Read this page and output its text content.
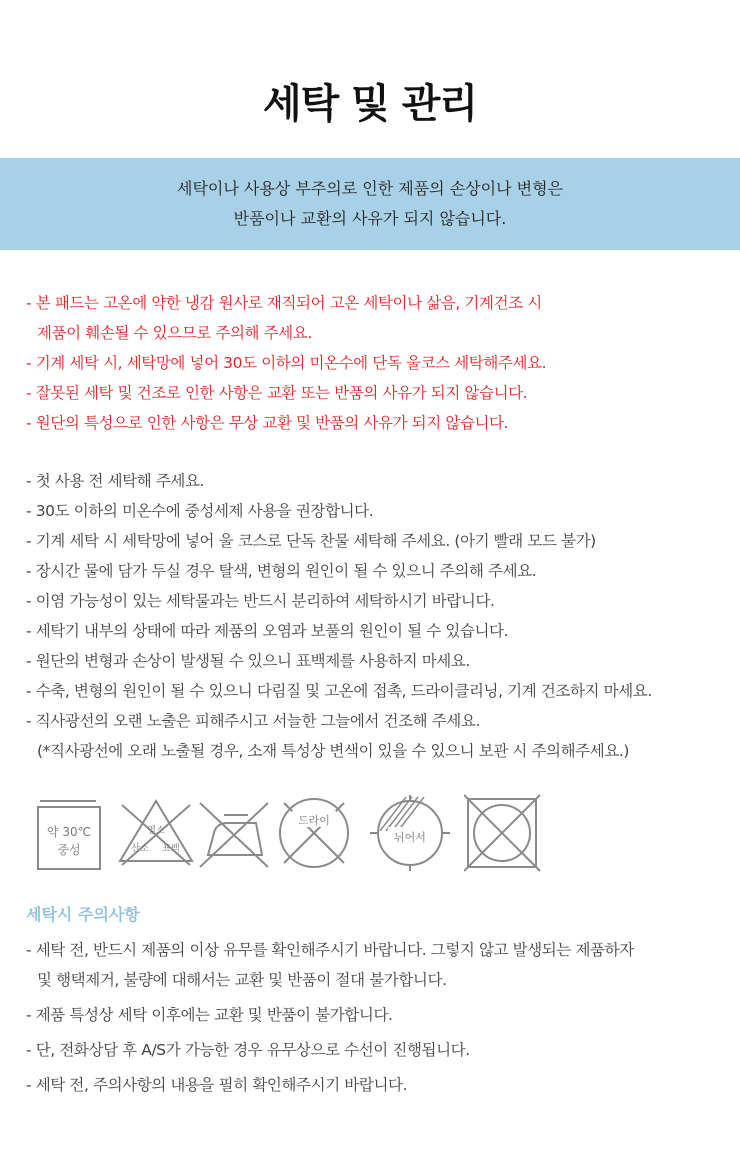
세탁 및 관리
세탁이나 사용상 부주의로 인한 제품의 손상이나 변형은
반품이나 교환의 사유가 되지 않습니다.
- 본 패드는 고온에 약한 냉감 원사로 재직되어 고온 세탁이나 삶음, 기계건조 시
제품이 훼손될 수 있으므로 주의해 주세요.
- 기계 세탁 시, 세탁망에 넣어 30도 이하의 미온수에 단독 울코스 세탁해주세요.
- 잘못된 세탁 및 건조로 인한 사항은 교환 또는 반품의 사유가 되지 않습니다.
- 원단의 특성으로 인한 사항은 무상 교환 및 반품의 사유가 되지 않습니다.
- 첫 사용 전 세탁해 주세요.
- 30도 이하의 미온수에 중성세제 사용을 권장합니다.
- 기계 세탁 시 세탁망에 넣어 울 코스로 단독 찬물 세탁해 주세요. (아기 빨래 모드 불가)
- 장시간 물에 담가 두실 경우 탈색, 변형의 원인이 될 수 있으니 주의해 주세요.
- 이염 가능성이 있는 세탁물과는 반드시 분리하여 세탁하시기 바랍니다.
- 세탁기 내부의 상태에 따라 제품의 오염과 보풀의 원인이 될 수 있습니다.
- 원단의 변형과 손상이 발생될 수 있으니 표백제를 사용하지 마세요.
- 수축, 변형의 원인이 될 수 있으니 다림질 및 고온에 접촉, 드라이클리닝, 기계 건조하지 마세요.
- 직사광선의 오랜 노출은 피해주시고 서늘한 그늘에서 건조해 주세요.
(*직사광선에 오래 노출될 경우, 소재 특성상 변색이 있을 수 있으니 보관 시 주의해주세요.)
약 30℃
중성
염소
산소 표백
드라이
뉘어서
세탁시 주의사항
- 세탁 전, 반드시 제품의 이상 유무를 확인해주시기 바랍니다. 그렇지 않고 발생되는 제품하자
및 행택제거, 불량에 대해서는 교환 및 반품이 절대 불가합니다.
- 제품 특성상 세탁 이후에는 교환 및 반품이 불가합니다.
- 단, 전화상담 후 A/S가 가능한 경우 유무상으로 수선이 진행됩니다.
- 세탁 전, 주의사항의 내용을 필히 확인해주시기 바랍니다.
